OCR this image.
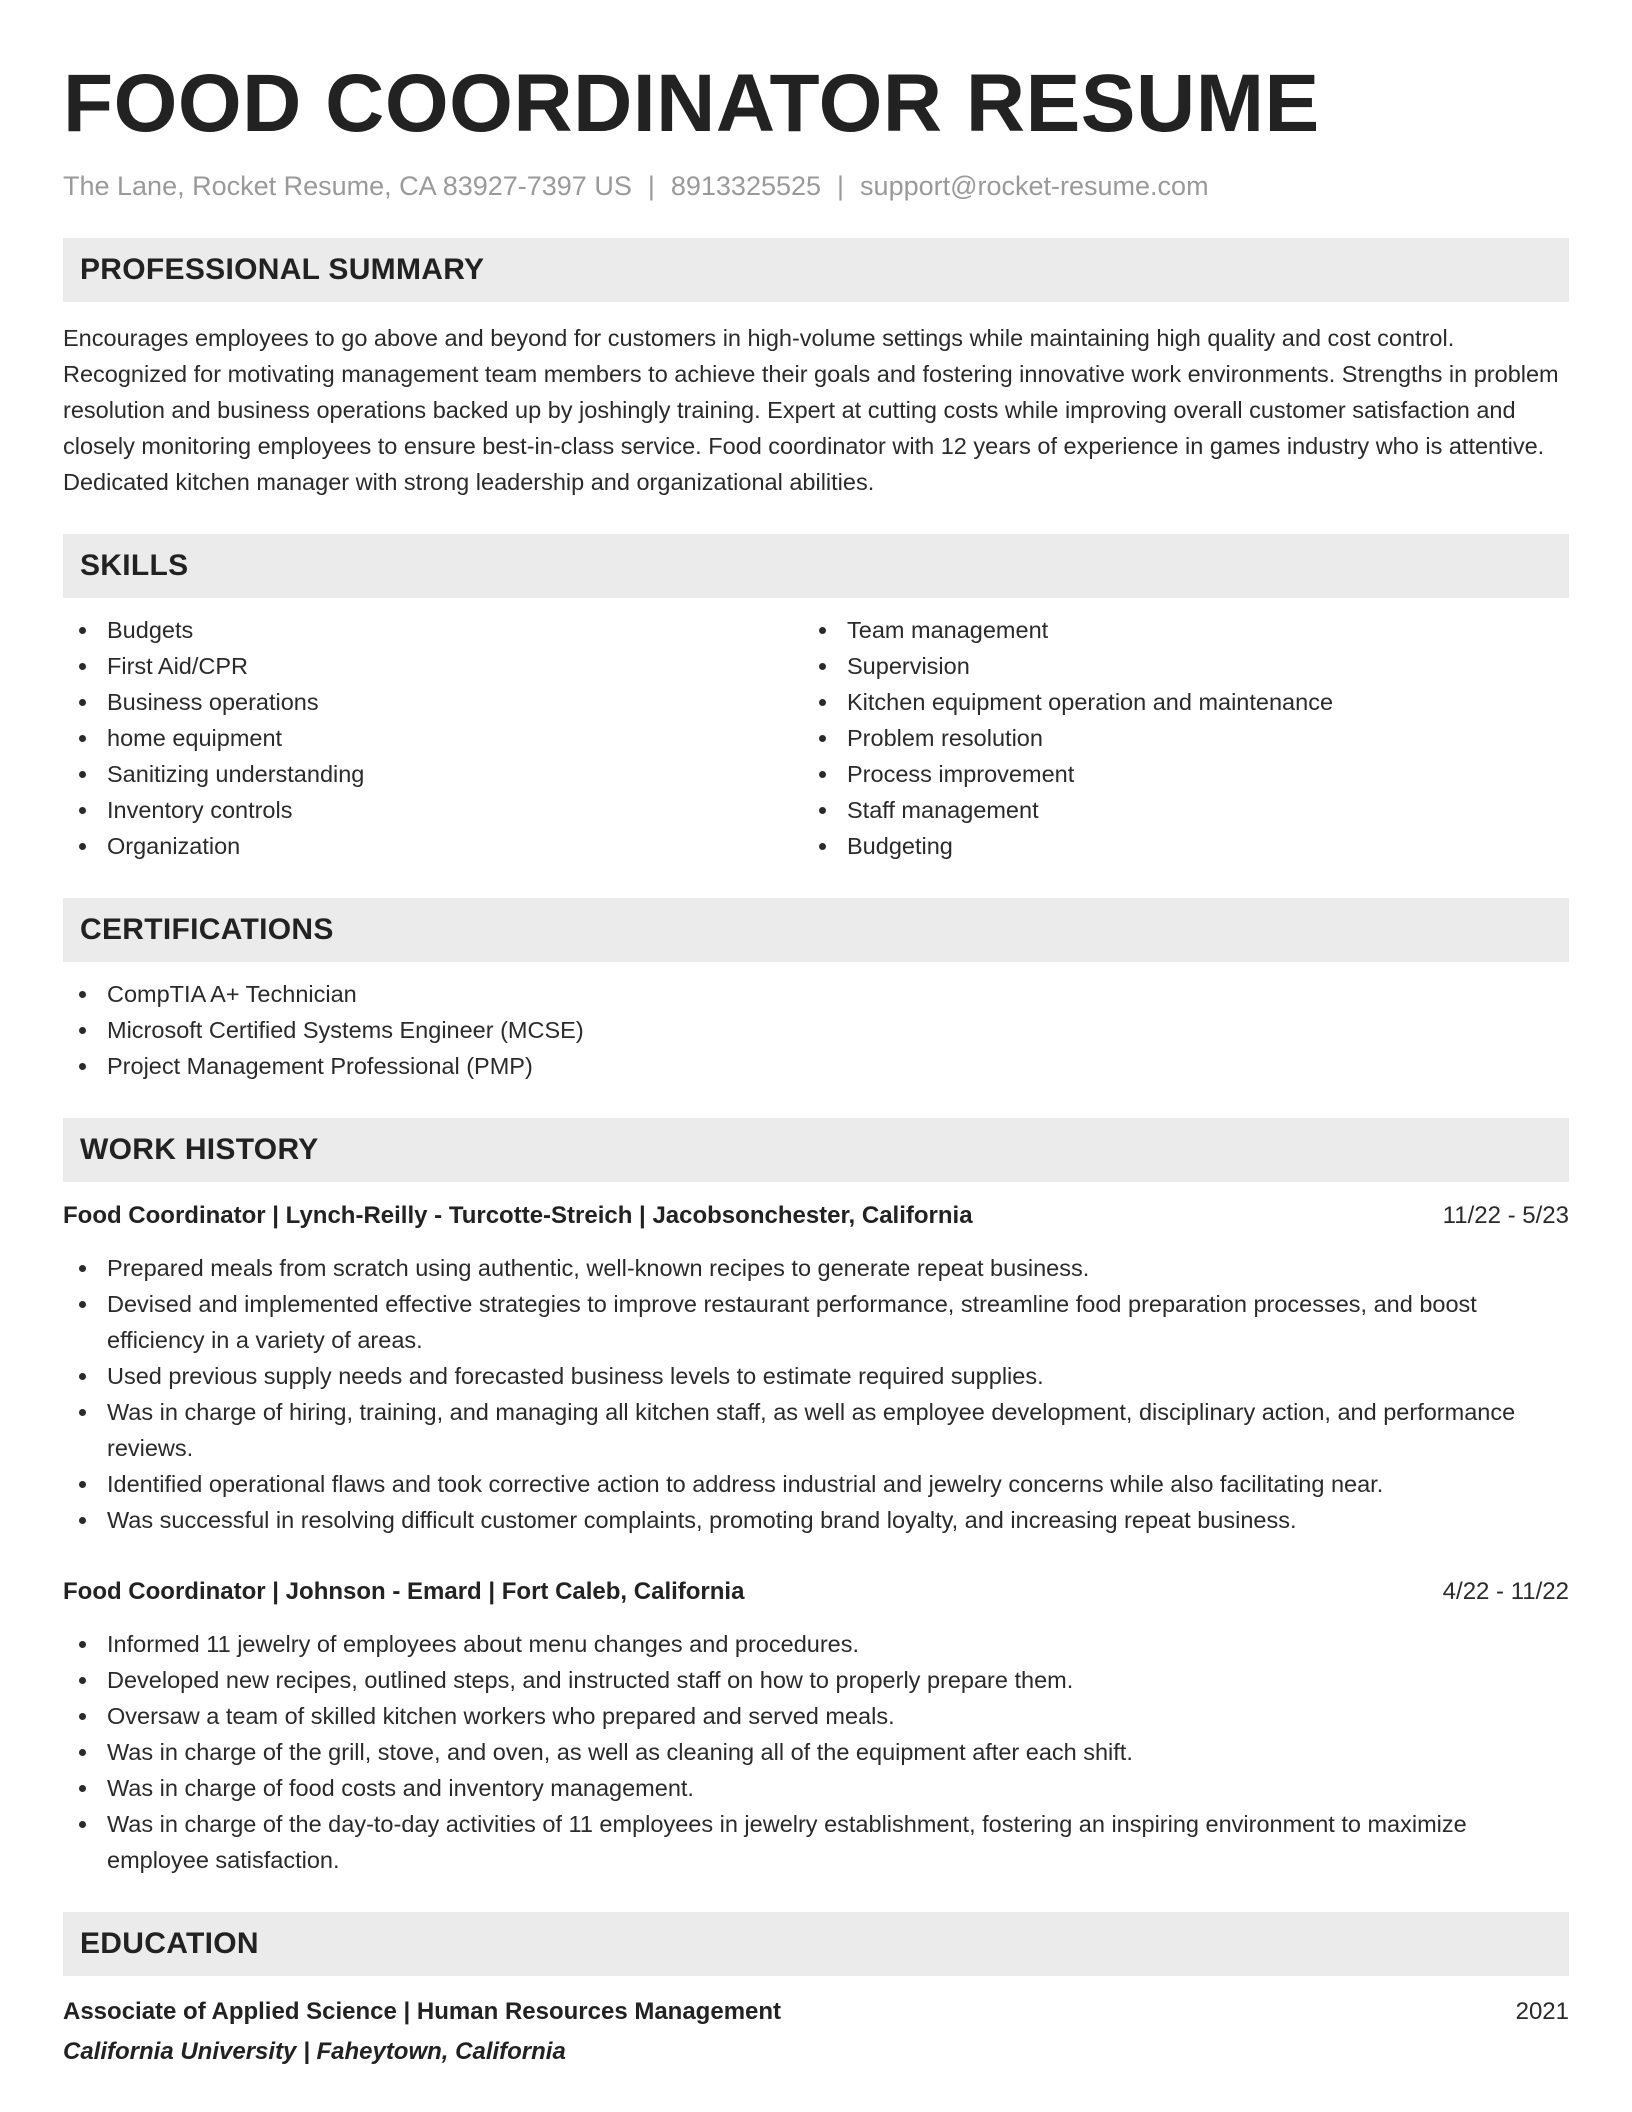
FOOD COORDINATOR RESUME
The Lane, Rocket Resume, CA 83927-7397 US | 8913325525 | support@rocket-resume.com
PROFESSIONAL SUMMARY

Encourages employees to go above and beyond for customers in high-volume settings while maintaining high quality and cost control. Recognized for motivating management team members to achieve their goals and fostering innovative work environments. Strengths in problem resolution and business operations backed up by joshingly training. Expert at cutting costs while improving overall customer satisfaction and closely monitoring employees to ensure best-in-class service. Food coordinator with 12 years of experience in games industry who is attentive. Dedicated kitchen manager with strong leadership and organizational abilities.

SKILLS
Budgets
First Aid/CPR
Business operations
home equipment
Sanitizing understanding
Inventory controls
Organization
Team management
Supervision
Kitchen equipment operation and maintenance
Problem resolution
Process improvement
Staff management
Budgeting
CERTIFICATIONS
CompTIA A+ Technician
Microsoft Certified Systems Engineer (MCSE)
Project Management Professional (PMP)
WORK HISTORY
Food Coordinator | Lynch-Reilly - Turcotte-Streich | Jacobsonchester, California	11/22 - 5/23
Prepared meals from scratch using authentic, well-known recipes to generate repeat business.
Devised and implemented effective strategies to improve restaurant performance, streamline food preparation processes, and boost efficiency in a variety of areas.
Used previous supply needs and forecasted business levels to estimate required supplies.
Was in charge of hiring, training, and managing all kitchen staff, as well as employee development, disciplinary action, and performance reviews.
Identified operational flaws and took corrective action to address industrial and jewelry concerns while also facilitating near.
Was successful in resolving difficult customer complaints, promoting brand loyalty, and increasing repeat business.
Food Coordinator | Johnson - Emard | Fort Caleb, California	4/22 - 11/22
Informed 11 jewelry of employees about menu changes and procedures.
Developed new recipes, outlined steps, and instructed staff on how to properly prepare them.
Oversaw a team of skilled kitchen workers who prepared and served meals.
Was in charge of the grill, stove, and oven, as well as cleaning all of the equipment after each shift.
Was in charge of food costs and inventory management.
Was in charge of the day-to-day activities of 11 employees in jewelry establishment, fostering an inspiring environment to maximize employee satisfaction.
EDUCATION
Associate of Applied Science | Human Resources Management	2021
California University | Faheytown, California
